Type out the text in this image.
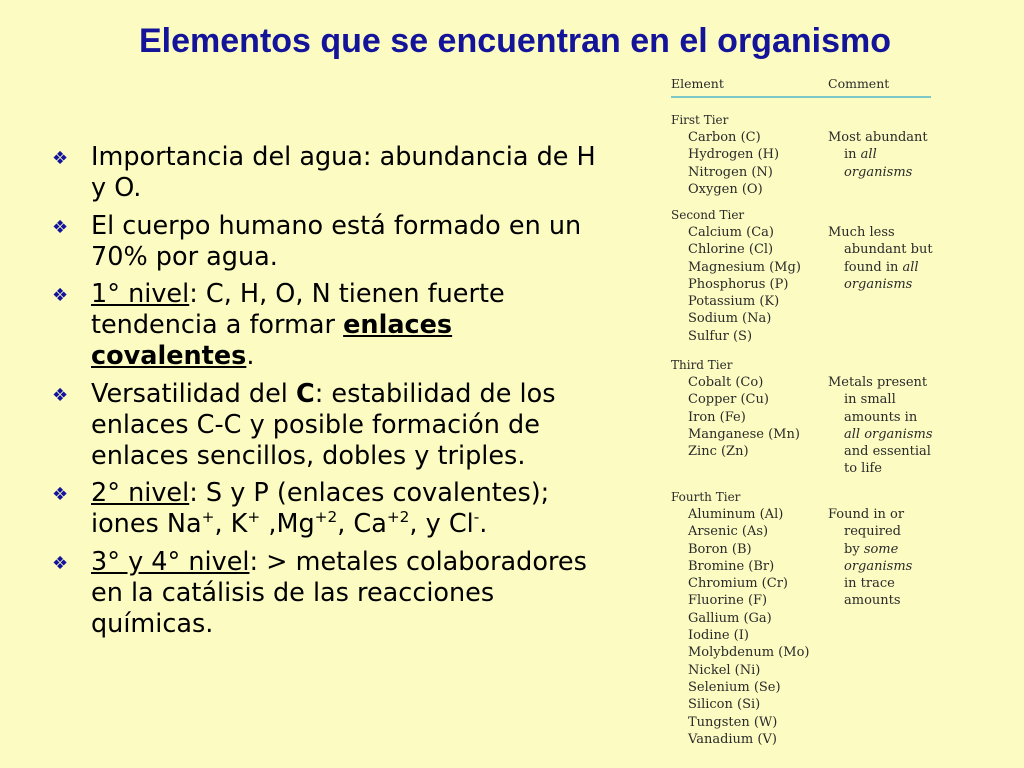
Elementos que se encuentran en el organismo
❖ Importancia del agua: abundancia de H y O.
❖ El cuerpo humano está formado en un 70% por agua.
❖ 1° nivel: C, H, O, N tienen fuerte tendencia a formar enlaces covalentes.
❖ Versatilidad del C: estabilidad de los enlaces C-C y posible formación de enlaces sencillos, dobles y triples.
❖ 2° nivel: S y P (enlaces covalentes); iones Na+, K+ $,Mg^{+2}$, $Ca^{+2}$, y Cl-.
❖ 3° y 4° nivel: > metales colaboradores en la catálisis de las reacciones químicas.
Element	Comment
First Tier
Carbon (C)
Hydrogen (H)
Nitrogen (N)
Oxygen (O)
Most abundant
in all
organisms
Second Tier
Calcium (Ca)
Chlorine (Cl)
Magnesium (Mg)
Phosphorus (P)
Potassium (K)
Sodium (Na)
Sulfur (S)
Much less
abundant but
found in all
organisms
Third Tier
Cobalt (Co)
Copper (Cu)
Iron (Fe)
Manganese (Mn)
Zinc (Zn)
Metals present
in small
amounts in
all organisms
and essential
to life
Fourth Tier
Aluminum (Al)
Arsenic (As)
Boron (B)
Bromine (Br)
Chromium (Cr)
Fluorine (F)
Gallium (Ga)
Iodine (I)
Molybdenum (Mo)
Nickel (Ni)
Selenium (Se)
Silicon (Si)
Tungsten (W)
Vanadium (V)
Found in or
required
by some
organisms
in trace
amounts
